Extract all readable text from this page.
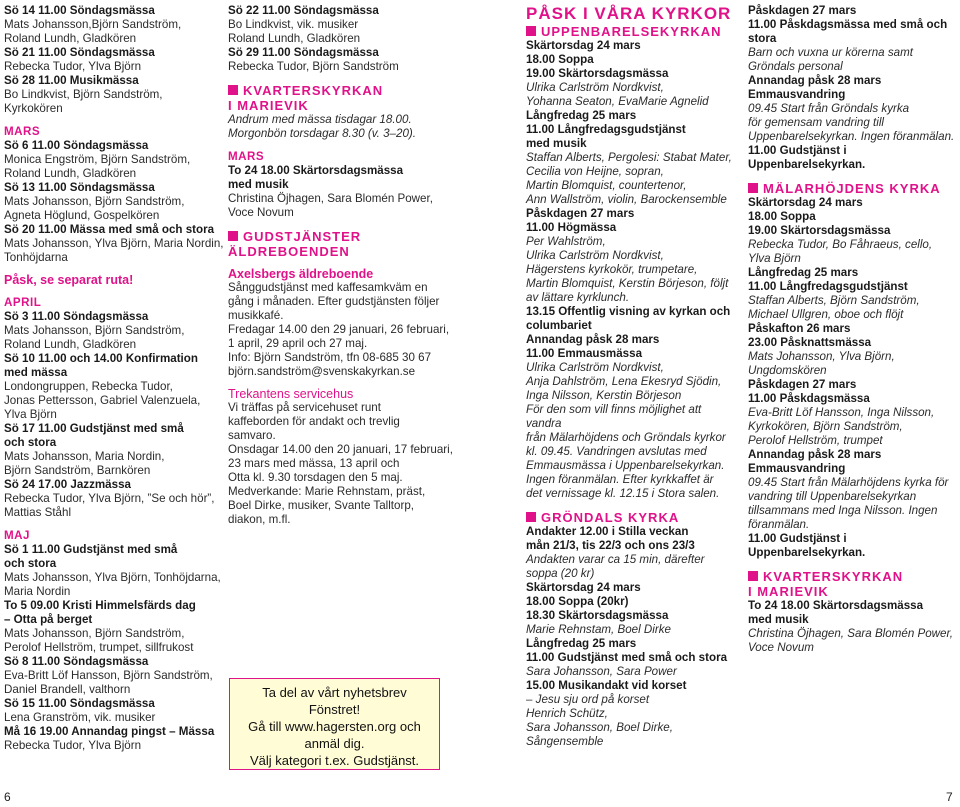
Sö 14 11.00 Söndagsmässa
Mats Johansson,Björn Sandström,
Roland Lundh, Gladkören
Sö 21 11.00 Söndagsmässa
Rebecka Tudor, Ylva Björn
Sö 28 11.00 Musikmässa
Bo Lindkvist, Björn Sandström,
Kyrkokören
MARS
Sö 6 11.00 Söndagsmässa
Monica Engström, Björn Sandström,
Roland Lundh, Gladkören
Sö 13 11.00 Söndagsmässa
Mats Johansson, Björn Sandström,
Agneta Höglund, Gospelkören
Sö 20 11.00 Mässa med små och stora
Mats Johansson, Ylva Björn, Maria Nordin,
Tonhöjdarna
Påsk, se separat ruta!
APRIL
Sö 3 11.00 Söndagsmässa
Mats Johansson, Björn Sandström,
Roland Lundh, Gladkören
Sö 10 11.00 och 14.00 Konfirmation
med mässa
Londongruppen, Rebecka Tudor,
Jonas Pettersson, Gabriel Valenzuela,
Ylva Björn
Sö 17 11.00 Gudstjänst med små
och stora
Mats Johansson, Maria Nordin,
Björn Sandström, Barnkören
Sö 24 17.00 Jazzmässa
Rebecka Tudor, Ylva Björn, ”Se och hör”,
Mattias Ståhl
MAJ
Sö 1 11.00 Gudstjänst med små
och stora
Mats Johansson, Ylva Björn, Tonhöjdarna,
Maria Nordin
To 5 09.00 Kristi Himmelsfärds dag
– Otta på berget
Mats Johansson, Björn Sandström,
Perolof Hellström, trumpet, sillfrukost
Sö 8 11.00 Söndagsmässa
Eva-Britt Löf Hansson, Björn Sandström,
Daniel Brandell, valthorn
Sö 15 11.00 Söndagsmässa
Lena Granström, vik. musiker
Må 16 19.00 Annandag pingst – Mässa
Rebecka Tudor, Ylva Björn
Sö 22 11.00 Söndagsmässa
Bo Lindkvist, vik. musiker
Roland Lundh, Gladkören
Sö 29 11.00 Söndagsmässa
Rebecka Tudor, Björn Sandström
KVARTERSKYRKAN
I MARIEVIK
Andrum med mässa tisdagar 18.00.
Morgonbön torsdagar 8.30 (v. 3–20).
MARS
To 24 18.00 Skärtorsdagsmässa
med musik
Christina Öjhagen, Sara Blomén Power,
Voce Novum
GUDSTJÄNSTER
ÄLDREBOENDEN
Axelsbergs äldreboende
Sånggudstjänst med kaffesamkväm en
gång i månaden. Efter gudstjänsten följer
musikkafé.
Fredagar 14.00 den 29 januari, 26 februari,
1 april, 29 april och 27 maj.
Info: Björn Sandström, tfn 08-685 30 67
björn.sandström@svenskakyrkan.se
Trekantens servicehus
Vi träffas på servicehuset runt
kaffeborden för andakt och trevlig
samvaro.
Onsdagar 14.00 den 20 januari, 17 februari,
23 mars med mässa, 13 april och
Otta kl. 9.30 torsdagen den 5 maj.
Medverkande: Marie Rehnstam, präst,
Boel Dirke, musiker, Svante Talltorp,
diakon, m.fl.
PÅSK I VÅRA KYRKOR
UPPENBARELSEKYRKAN
Skärtorsdag 24 mars
18.00 Soppa
19.00 Skärtorsdagsmässa
Ulrika Carlström Nordkvist,
Yohanna Seaton, EvaMarie Agnelid
Långfredag 25 mars
11.00 Långfredagsgudstjänst
med musik
Staffan Alberts, Pergolesi: Stabat Mater,
Cecilia von Heijne, sopran,
Martin Blomquist, countertenor,
Ann Wallström, violin, Barockensemble
Påskdagen 27 mars
11.00 Högmässa
Per Wahlström,
Ulrika Carlström Nordkvist,
Hägerstens kyrkokör, trumpetare,
Martin Blomquist, Kerstin Börjeson, följt
av lättare kyrklunch.
13.15 Offentlig visning av kyrkan och
columbariet
Annandag påsk 28 mars
11.00 Emmausmässa
Ulrika Carlström Nordkvist,
Anja Dahlström, Lena Ekesryd Sjödin,
Inga Nilsson, Kerstin Börjeson
För den som vill finns möjlighet att vandra
från Mälarhöjdens och Gröndals kyrkor
kl. 09.45. Vandringen avslutas med
Emmausmässa i Uppenbarelsekyrkan.
Ingen föranmälan. Efter kyrkkaffet är
det vernissage kl. 12.15 i Stora salen.
GRÖNDALS KYRKA
Andakter 12.00 i Stilla veckan
mån 21/3, tis 22/3 och ons 23/3
Andakten varar ca 15 min, därefter
soppa (20 kr)
Skärtorsdag 24 mars
18.00 Soppa (20kr)
18.30 Skärtorsdagsmässa
Marie Rehnstam, Boel Dirke
Långfredag 25 mars
11.00 Gudstjänst med små och stora
Sara Johansson, Sara Power
15.00 Musikandakt vid korset
– Jesu sju ord på korset
Henrich Schütz,
Sara Johansson, Boel Dirke, Sångensemble
Påskdagen 27 mars
11.00 Påskdagsmässa med små och
stora
Barn och vuxna ur körerna samt
Gröndals personal
Annandag påsk 28 mars
Emmausvandring
09.45 Start från Gröndals kyrka
för gemensam vandring till
Uppenbarelsekyrkan. Ingen föranmälan.
11.00 Gudstjänst i
Uppenbarelsekyrkan.
MÄLARHÖJDENS KYRKA
Skärtorsdag 24 mars
18.00 Soppa
19.00 Skärtorsdagsmässa
Rebecka Tudor, Bo Fåhraeus, cello,
Ylva Björn
Långfredag 25 mars
11.00 Långfredagsgudstjänst
Staffan Alberts, Björn Sandström,
Michael Ullgren, oboe och flöjt
Påskafton 26 mars
23.00 Påsknattsmässa
Mats Johansson, Ylva Björn,
Ungdomskören
Påskdagen 27 mars
11.00 Påskdagsmässa
Eva-Britt Löf Hansson, Inga Nilsson,
Kyrkokören, Björn Sandström,
Perolof Hellström, trumpet
Annandag påsk 28 mars
Emmausvandring
09.45 Start från Mälarhöjdens kyrka för
vandring till Uppenbarelsekyrkan
tillsammans med Inga Nilsson. Ingen
föranmälan.
11.00 Gudstjänst i
Uppenbarelsekyrkan.
KVARTERSKYRKAN
I MARIEVIK
To 24 18.00 Skärtorsdagsmässa
med musik
Christina Öjhagen, Sara Blomén Power,
Voce Novum
Ta del av vårt nyhetsbrev
Fönstret!
Gå till www.hagersten.org och
anmäl dig.
Välj kategori t.ex. Gudstjänst.
6	7
